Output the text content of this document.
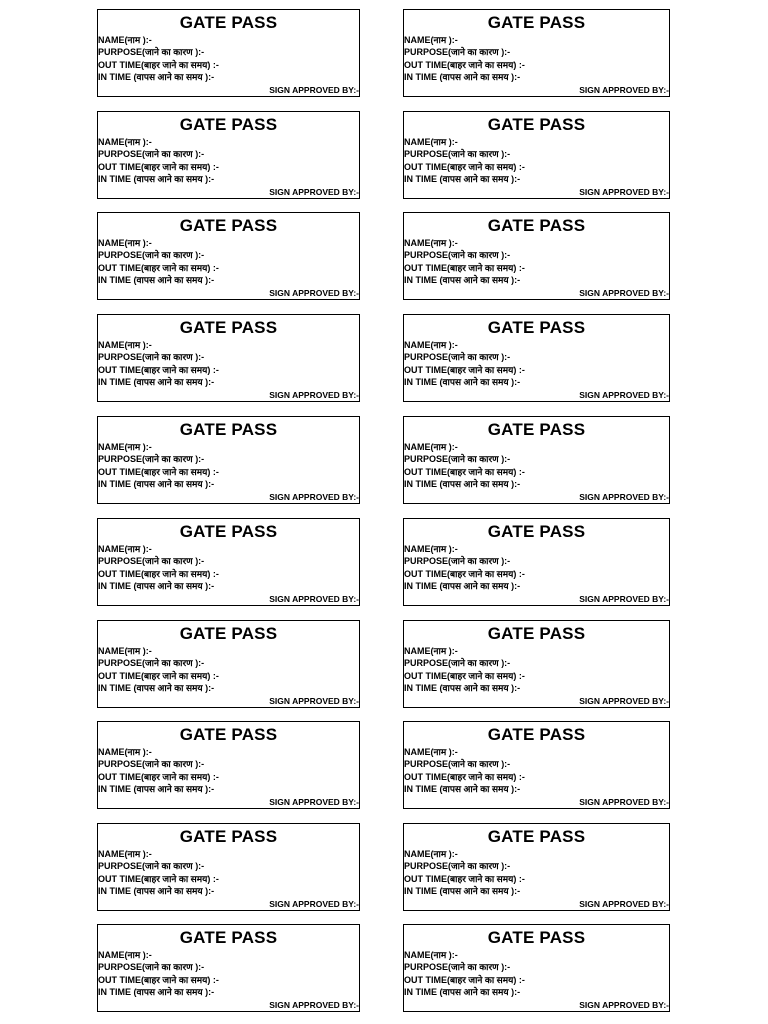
GATE PASS
NAME(नाम ):-
PURPOSE(जाने का कारण ):-
OUT TIME(बाहर जाने का समय) :-
IN TIME (वापस आने का समय ):-
SIGN APPROVED BY:-
GATE PASS
NAME(नाम ):-
PURPOSE(जाने का कारण ):-
OUT TIME(बाहर जाने का समय) :-
IN TIME (वापस आने का समय ):-
SIGN APPROVED BY:-
GATE PASS
NAME(नाम ):-
PURPOSE(जाने का कारण ):-
OUT TIME(बाहर जाने का समय) :-
IN TIME (वापस आने का समय ):-
SIGN APPROVED BY:-
GATE PASS
NAME(नाम ):-
PURPOSE(जाने का कारण ):-
OUT TIME(बाहर जाने का समय) :-
IN TIME (वापस आने का समय ):-
SIGN APPROVED BY:-
GATE PASS
NAME(नाम ):-
PURPOSE(जाने का कारण ):-
OUT TIME(बाहर जाने का समय) :-
IN TIME (वापस आने का समय ):-
SIGN APPROVED BY:-
GATE PASS
NAME(नाम ):-
PURPOSE(जाने का कारण ):-
OUT TIME(बाहर जाने का समय) :-
IN TIME (वापस आने का समय ):-
SIGN APPROVED BY:-
GATE PASS
NAME(नाम ):-
PURPOSE(जाने का कारण ):-
OUT TIME(बाहर जाने का समय) :-
IN TIME (वापस आने का समय ):-
SIGN APPROVED BY:-
GATE PASS
NAME(नाम ):-
PURPOSE(जाने का कारण ):-
OUT TIME(बाहर जाने का समय) :-
IN TIME (वापस आने का समय ):-
SIGN APPROVED BY:-
GATE PASS
NAME(नाम ):-
PURPOSE(जाने का कारण ):-
OUT TIME(बाहर जाने का समय) :-
IN TIME (वापस आने का समय ):-
SIGN APPROVED BY:-
GATE PASS
NAME(नाम ):-
PURPOSE(जाने का कारण ):-
OUT TIME(बाहर जाने का समय) :-
IN TIME (वापस आने का समय ):-
SIGN APPROVED BY:-
GATE PASS
NAME(नाम ):-
PURPOSE(जाने का कारण ):-
OUT TIME(बाहर जाने का समय) :-
IN TIME (वापस आने का समय ):-
SIGN APPROVED BY:-
GATE PASS
NAME(नाम ):-
PURPOSE(जाने का कारण ):-
OUT TIME(बाहर जाने का समय) :-
IN TIME (वापस आने का समय ):-
SIGN APPROVED BY:-
GATE PASS
NAME(नाम ):-
PURPOSE(जाने का कारण ):-
OUT TIME(बाहर जाने का समय) :-
IN TIME (वापस आने का समय ):-
SIGN APPROVED BY:-
GATE PASS
NAME(नाम ):-
PURPOSE(जाने का कारण ):-
OUT TIME(बाहर जाने का समय) :-
IN TIME (वापस आने का समय ):-
SIGN APPROVED BY:-
GATE PASS
NAME(नाम ):-
PURPOSE(जाने का कारण ):-
OUT TIME(बाहर जाने का समय) :-
IN TIME (वापस आने का समय ):-
SIGN APPROVED BY:-
GATE PASS
NAME(नाम ):-
PURPOSE(जाने का कारण ):-
OUT TIME(बाहर जाने का समय) :-
IN TIME (वापस आने का समय ):-
SIGN APPROVED BY:-
GATE PASS
NAME(नाम ):-
PURPOSE(जाने का कारण ):-
OUT TIME(बाहर जाने का समय) :-
IN TIME (वापस आने का समय ):-
SIGN APPROVED BY:-
GATE PASS
NAME(नाम ):-
PURPOSE(जाने का कारण ):-
OUT TIME(बाहर जाने का समय) :-
IN TIME (वापस आने का समय ):-
SIGN APPROVED BY:-
GATE PASS
NAME(नाम ):-
PURPOSE(जाने का कारण ):-
OUT TIME(बाहर जाने का समय) :-
IN TIME (वापस आने का समय ):-
SIGN APPROVED BY:-
GATE PASS
NAME(नाम ):-
PURPOSE(जाने का कारण ):-
OUT TIME(बाहर जाने का समय) :-
IN TIME (वापस आने का समय ):-
SIGN APPROVED BY:-
